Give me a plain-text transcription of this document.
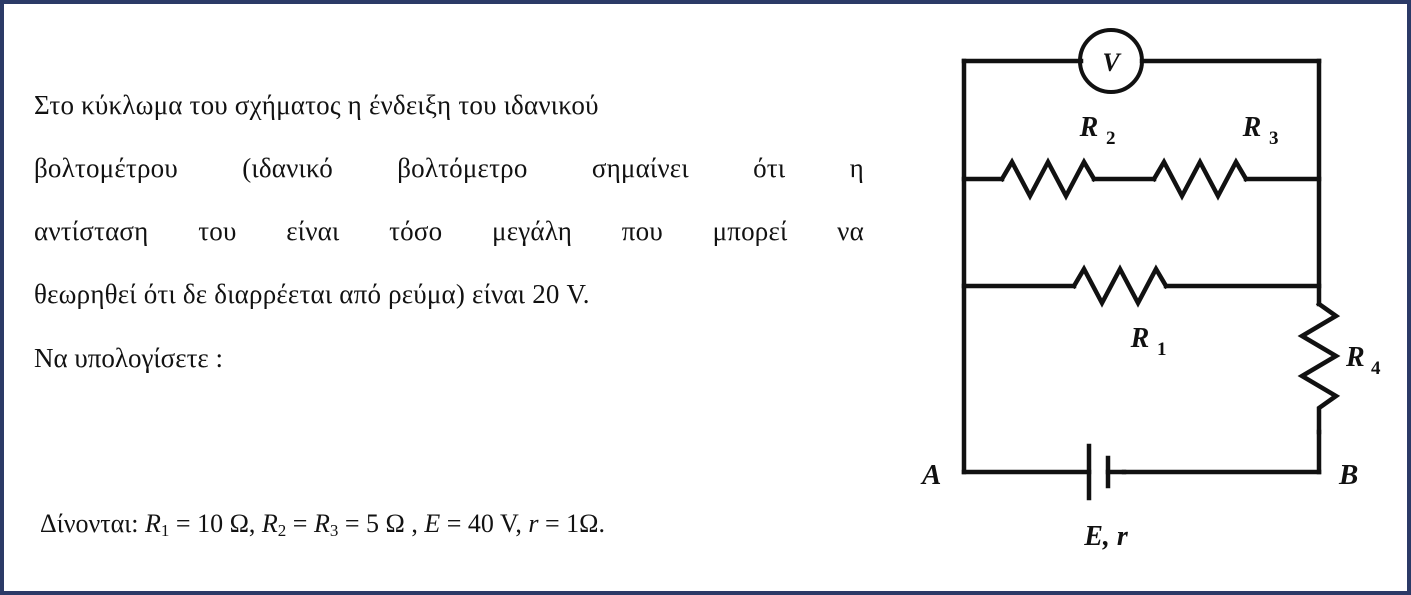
Στο κύκλωμα του σχήματος η ένδειξη του ιδανικού
βολτομέτρου (ιδανικό βολτόμετρο σημαίνει ότι η
αντίσταση του είναι τόσο μεγάλη που μπορεί να
θεωρηθεί ότι δε διαρρέεται από ρεύμα) είναι 20 V.
Να υπολογίσετε :
Δίνονται: $R_1 = 10$ Ω, $R_2 = R_3 = 5$ Ω , E = 40 V, r = 1Ω.
V
R 2	R 3
R 1	R 4
E, r
A	B
